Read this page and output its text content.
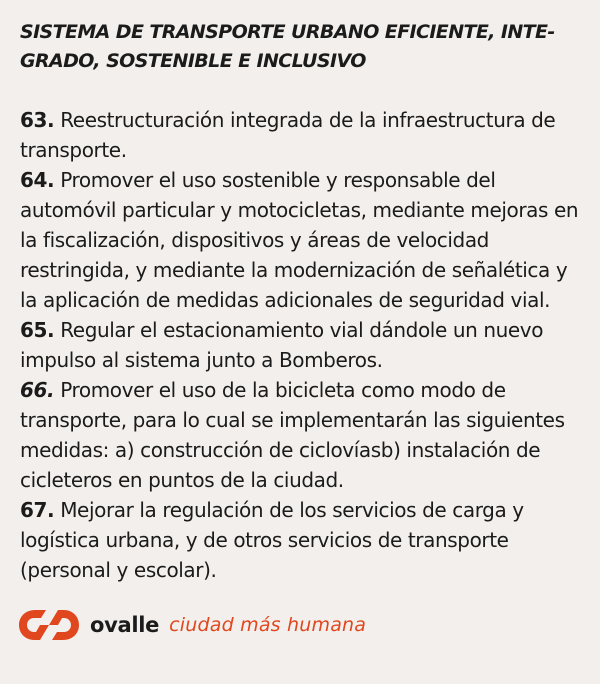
SISTEMA DE TRANSPORTE URBANO EFICIENTE, INTE-
GRADO, SOSTENIBLE E INCLUSIVO

63. Reestructuración integrada de la infraestructura de transporte.

64. Promover el uso sostenible y responsable del automóvil particular y motocicletas, mediante mejoras en la fiscalización, dispositivos y áreas de velocidad restringida, y mediante la modernización de señalética y la aplicación de medidas adicionales de seguridad vial.

65. Regular el estacionamiento vial dándole un nuevo impulso al sistema junto a Bomberos.

66. Promover el uso de la bicicleta como modo de transporte, para lo cual se implementarán las siguientes medidas: a) construcción de ciclovíasb) instalación de cicleteros en puntos de la ciudad.

67. Mejorar la regulación de los servicios de carga y logística urbana, y de otros servicios de transporte (personal y escolar).

ovalle ciudad más humana
